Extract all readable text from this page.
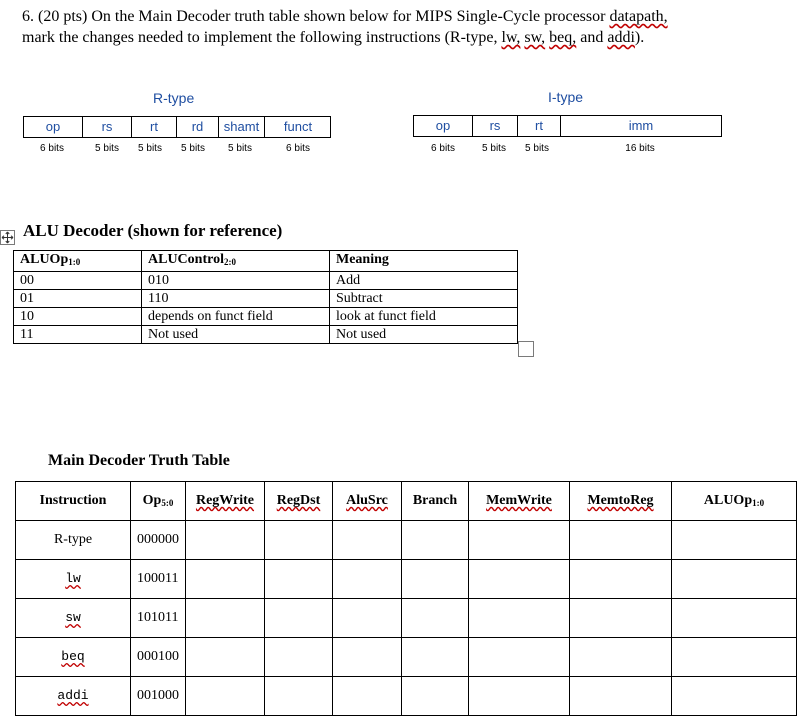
6. (20 pts) On the Main Decoder truth table shown below for MIPS Single-Cycle processor datapath,
mark the changes needed to implement the following instructions (R-type, lw, sw, beq, and addi).
R-type
op	rs	rt	rd	shamt	funct
6 bits	5 bits	5 bits	5 bits	5 bits	6 bits
I-type
op	rs	rt	imm
6 bits	5 bits	5 bits	16 bits
ALU Decoder (shown for reference)
ALUOp$_{1:0}$	ALUControl$_{2:0}$	Meaning
00	010	Add
01	110	Subtract
10	depends on funct field	look at funct field
11	Not used	Not used
Main Decoder Truth Table
Instruction	$Op_{5:0}$	RegWrite	RegDst	AluSrc	Branch	MemWrite	MemtoReg	ALUOp$_{1:0}$
R-type	000000							
lw	100011							
sw	101011							
beq	000100							
addi	001000							
